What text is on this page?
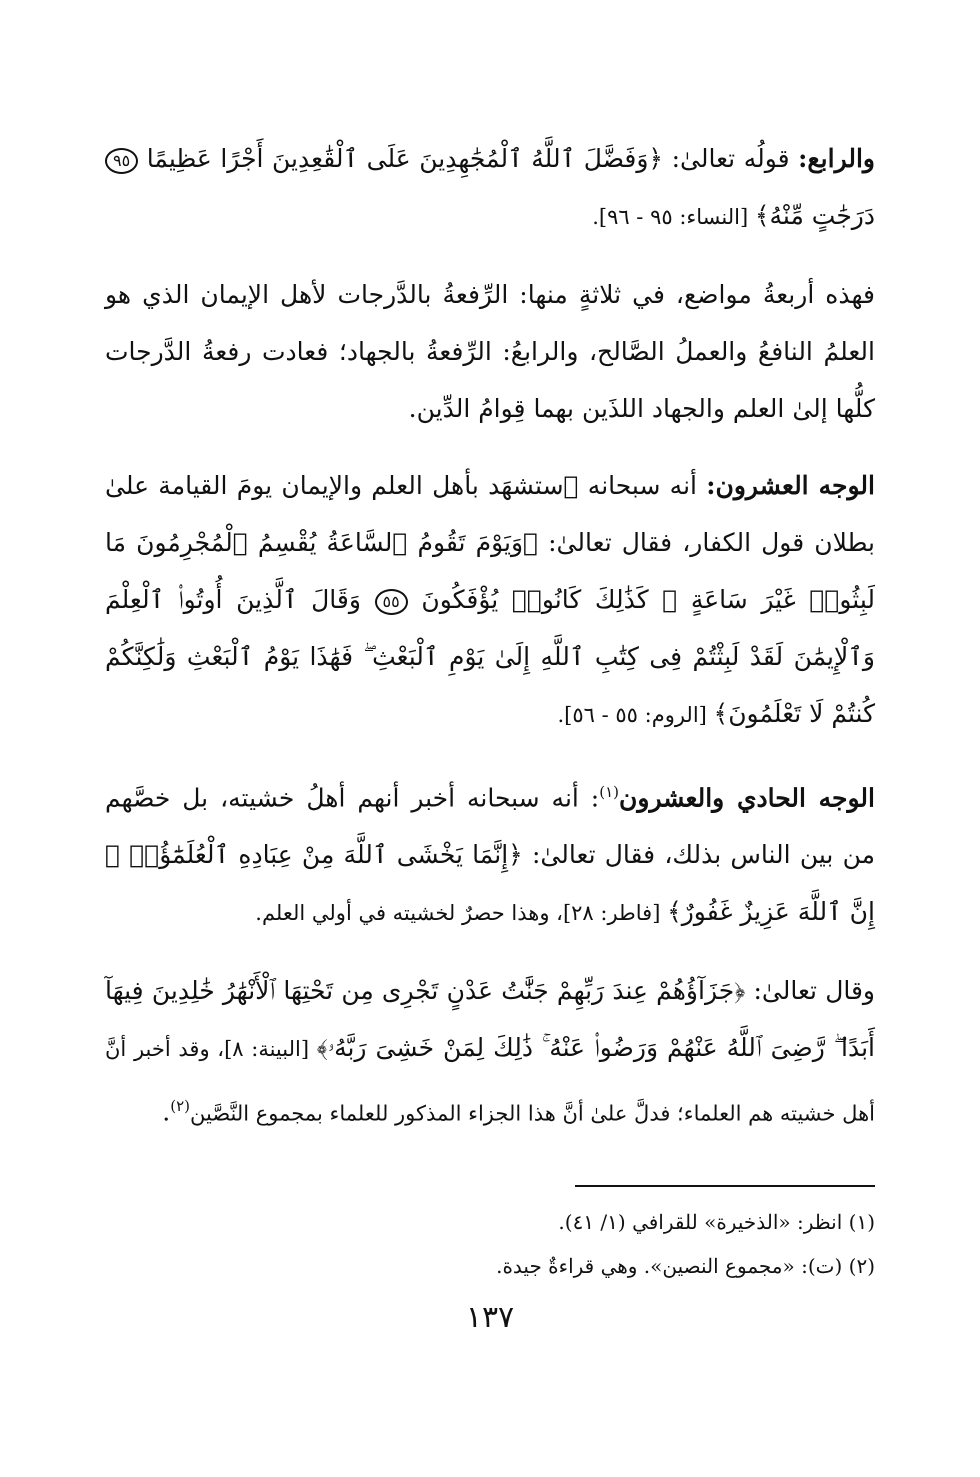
والرابع: قولُه تعالىٰ: ﴿وَفَضَّلَ ٱللَّهُ ٱلْمُجَٰهِدِينَ عَلَى ٱلْقَٰعِدِينَ أَجْرًا عَظِيمًا ٩٥ دَرَجَٰتٍ مِّنْهُ﴾ [النساء: ٩٥ - ٩٦].

فهذه أربعةُ مواضع، في ثلاثةٍ منها: الرِّفعةُ بالدَّرجات لأهل الإيمان الذي هو العلمُ النافعُ والعملُ الصَّالح، والرابعُ: الرِّفعةُ بالجهاد؛ فعادت رفعةُ الدَّرجات كلُّها إلىٰ العلم والجهاد اللذَين بهما قِوامُ الدِّين.

الوجه العشرون: أنه سبحانه ٱستشهَد بأهل العلم والإيمان يومَ القيامة علىٰ بطلان قول الكفار، فقال تعالىٰ: ﴿وَيَوْمَ تَقُومُ ٱلسَّاعَةُ يُقْسِمُ ٱلْمُجْرِمُونَ مَا لَبِثُوا۟ غَيْرَ سَاعَةٍ ۚ كَذَٰلِكَ كَانُوا۟ يُؤْفَكُونَ ٥٥ وَقَالَ ٱلَّذِينَ أُوتُوا۟ ٱلْعِلْمَ وَٱلْإِيمَٰنَ لَقَدْ لَبِثْتُمْ فِى كِتَٰبِ ٱللَّهِ إِلَىٰ يَوْمِ ٱلْبَعْثِ ۖ فَهَٰذَا يَوْمُ ٱلْبَعْثِ وَلَٰكِنَّكُمْ كُنتُمْ لَا تَعْلَمُونَ﴾ [الروم: ٥٥ - ٥٦].

الوجه الحادي والعشرون$^{(١)}$: أنه سبحانه أخبر أنهم أهلُ خشيته، بل خصَّهم من بين الناس بذلك، فقال تعالىٰ: ﴿إِنَّمَا يَخْشَى ٱللَّهَ مِنْ عِبَادِهِ ٱلْعُلَمَٰٓؤُا۟ ۗ إِنَّ ٱللَّهَ عَزِيزٌ غَفُورٌ﴾ [فاطر: ٢٨]، وهذا حصرٌ لخشيته في أولي العلم.

وقال تعالىٰ: ﴿جَزَآؤُهُمْ عِندَ رَبِّهِمْ جَنَّٰتُ عَدْنٍ تَجْرِى مِن تَحْتِهَا ٱلْأَنْهَٰرُ خَٰلِدِينَ فِيهَآ أَبَدًا ۖ رَّضِىَ ٱللَّهُ عَنْهُمْ وَرَضُوا۟ عَنْهُ ۚ ذَٰلِكَ لِمَنْ خَشِىَ رَبَّهُۥ﴾ [البينة: ٨]، وقد أخبر أنَّ أهل خشيته هم العلماء؛ فدلَّ علىٰ أنَّ هذا الجزاء المذكور للعلماء بمجموع النَّصَّين$^{(٢)}$.

(١) انظر: «الذخيرة» للقرافي (١/ ٤١).

(٢) (ت): «مجموع النصين». وهي قراءةٌ جيدة.

١٣٧
